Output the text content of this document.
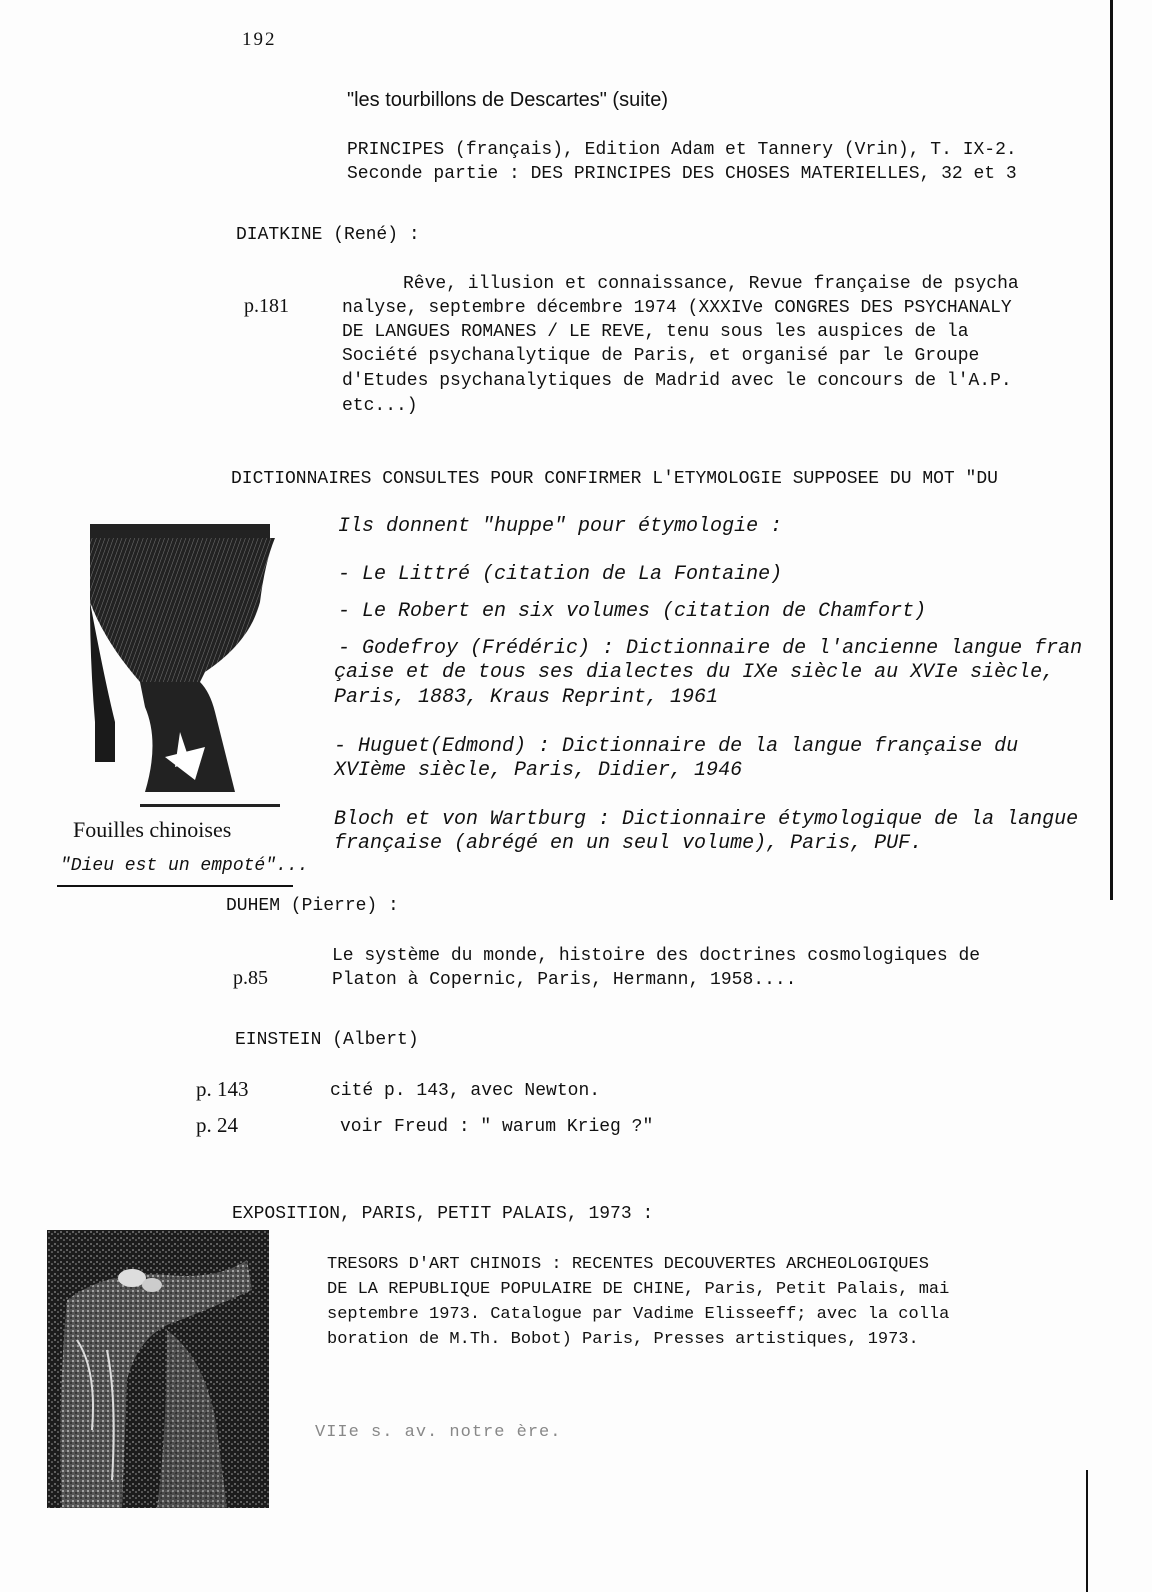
192
"les tourbillons de Descartes" (suite)
PRINCIPES (français), Edition Adam et Tannery (Vrin), T. IX-2.
Seconde partie : DES PRINCIPES DES CHOSES MATERIELLES, 32 et 3
DIATKINE (René) :
p.181
Rêve, illusion et connaissance, Revue française de psycha
nalyse, septembre décembre 1974 (XXXIVe CONGRES DES PSYCHANALY
DE LANGUES ROMANES / LE REVE, tenu sous les auspices de la
Société psychanalytique de Paris, et organisé par le Groupe
d'Etudes psychanalytiques de Madrid avec le concours de l'A.P.
etc...)
DICTIONNAIRES CONSULTES POUR CONFIRMER L'ETYMOLOGIE SUPPOSEE DU MOT "DU
Ils donnent "huppe" pour étymologie :
- Le Littré (citation de La Fontaine)
- Le Robert en six volumes (citation de Chamfort)
- Godefroy (Frédéric) : Dictionnaire de l'ancienne langue fran
çaise et de tous ses dialectes du IXe siècle au XVIe siècle,
Paris, 1883, Kraus Reprint, 1961
- Huguet(Edmond) : Dictionnaire de la langue française du
XVIème siècle, Paris, Didier, 1946
Bloch et von Wartburg : Dictionnaire étymologique de la langue
française (abrégé en un seul volume), Paris, PUF.
Fouilles chinoises
"Dieu est un empoté"...
DUHEM (Pierre) :
p.85
Le système du monde, histoire des doctrines cosmologiques de
Platon à Copernic, Paris, Hermann, 1958....
EINSTEIN (Albert)
p. 143	cité p. 143, avec Newton.
p. 24	voir Freud : " warum Krieg ?"
EXPOSITION, PARIS, PETIT PALAIS, 1973 :
TRESORS D'ART CHINOIS : RECENTES DECOUVERTES ARCHEOLOGIQUES
DE LA REPUBLIQUE POPULAIRE DE CHINE, Paris, Petit Palais, mai
septembre 1973. Catalogue par Vadime Elisseeff; avec la colla
boration de M.Th. Bobot) Paris, Presses artistiques, 1973.
VIIe s. av. notre ère.
